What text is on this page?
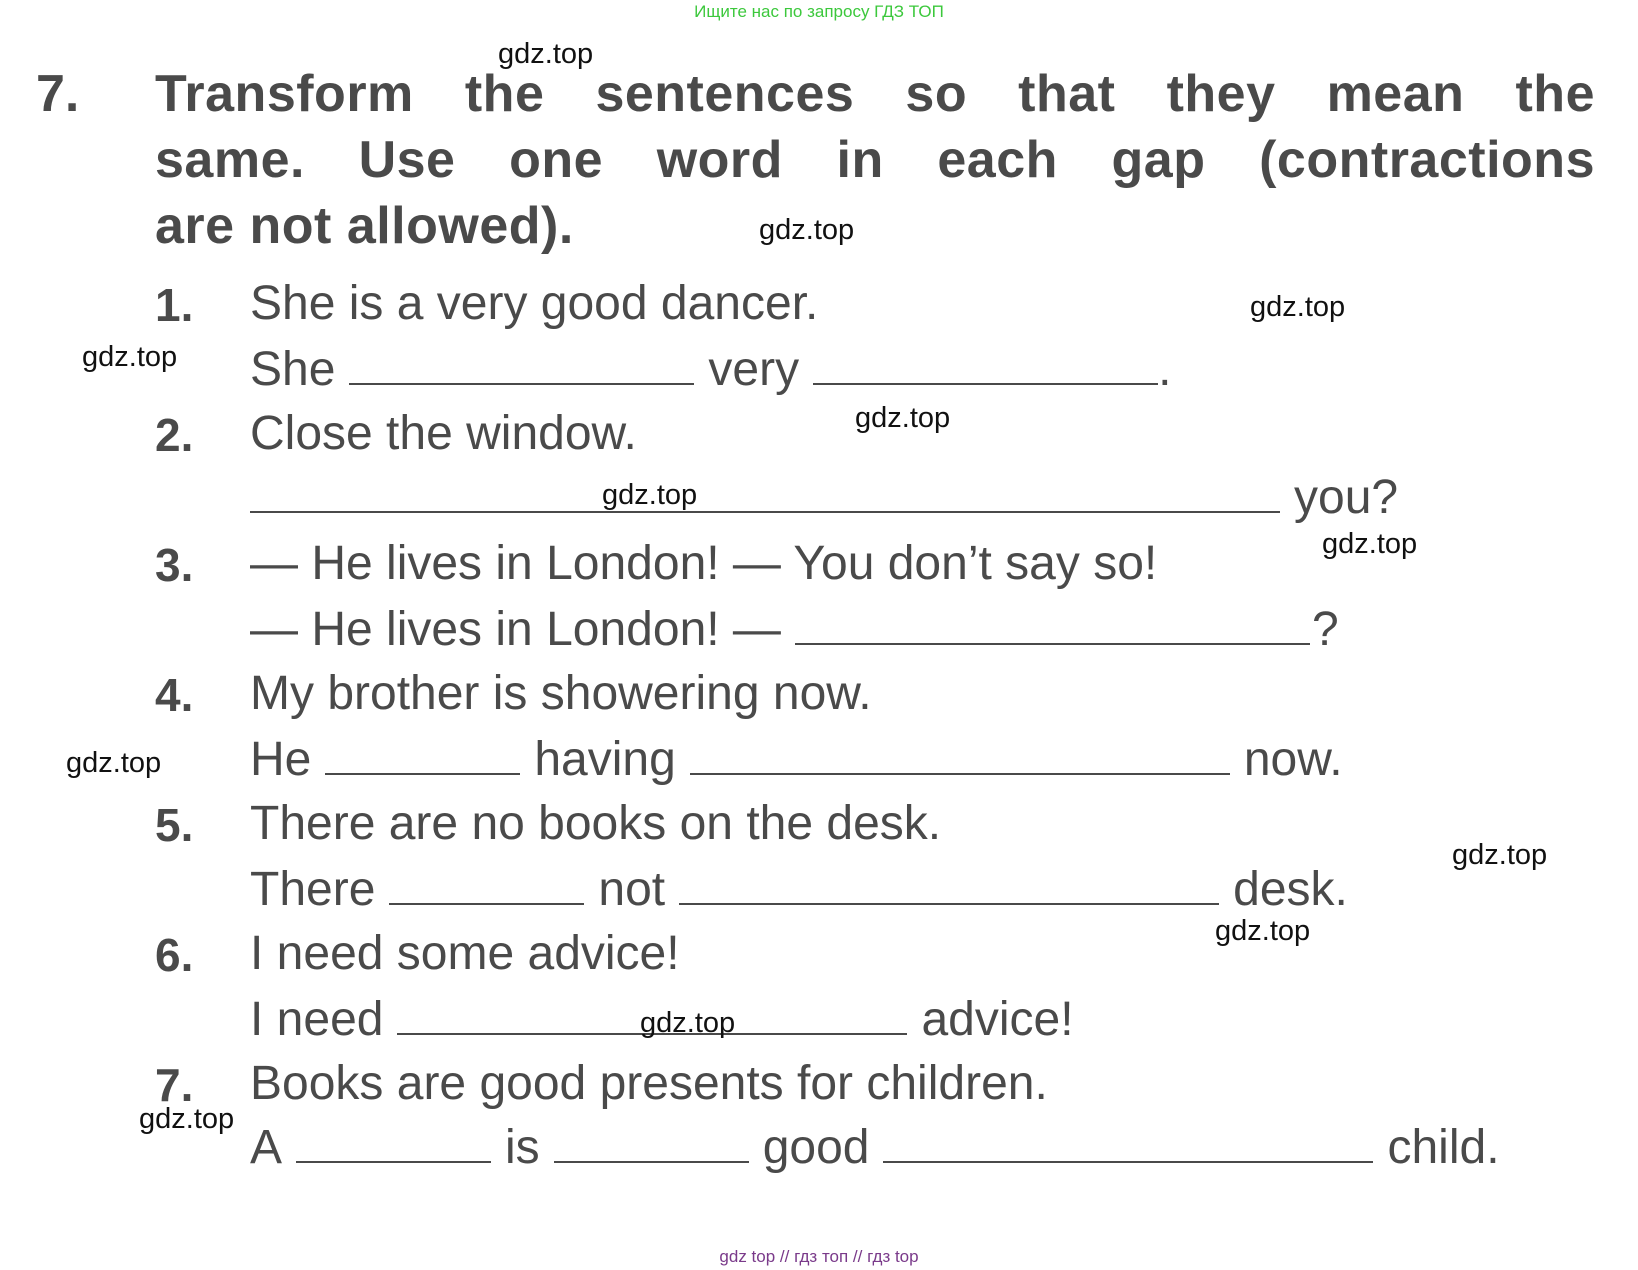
Ищите нас по запросу ГДЗ ТОП
7. Transform the sentences so that they mean the
same. Use one word in each gap (contractions
are not allowed).
1. She is a very good dancer.
She	very	.
2. Close the window.
you?
3. — He lives in London! — You don’t say so!
— He lives in London! —	?
4. My brother is showering now.
He	having	now.
5. There are no books on the desk.
There	not	desk.
6. I need some advice!
I need	advice!
7. Books are good presents for children.
A	is	good	child.
gdz.top
gdz.top
gdz.top
gdz.top
gdz.top
gdz.top
gdz.top
gdz.top
gdz.top
gdz.top
gdz.top
gdz.top
gdz top // гдз топ // гдз top
